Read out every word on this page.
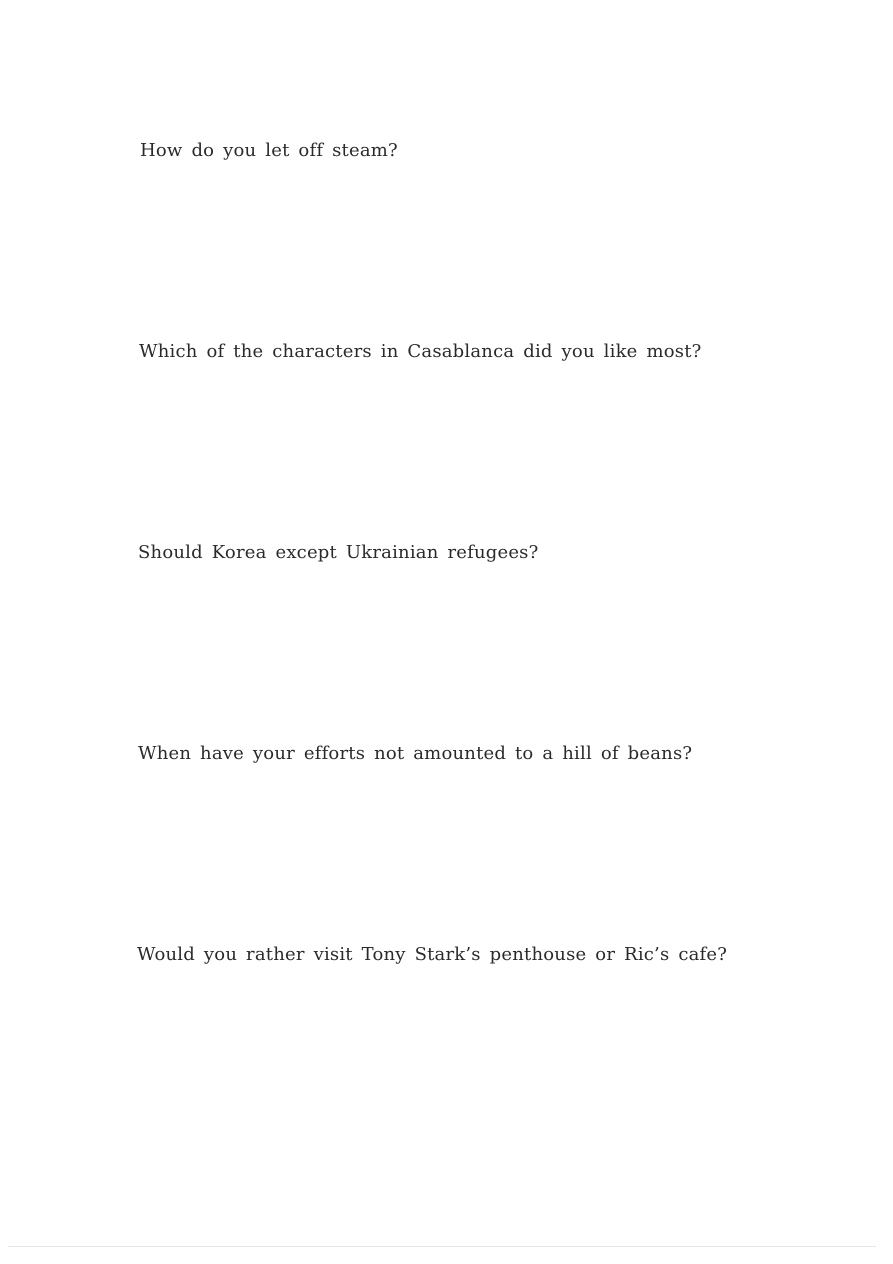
How do you let off steam?

Which of the characters in Casablanca did you like most?

Should Korea except Ukrainian refugees?

When have your efforts not amounted to a hill of beans?

Would you rather visit Tony Stark’s penthouse or Ric’s cafe?
